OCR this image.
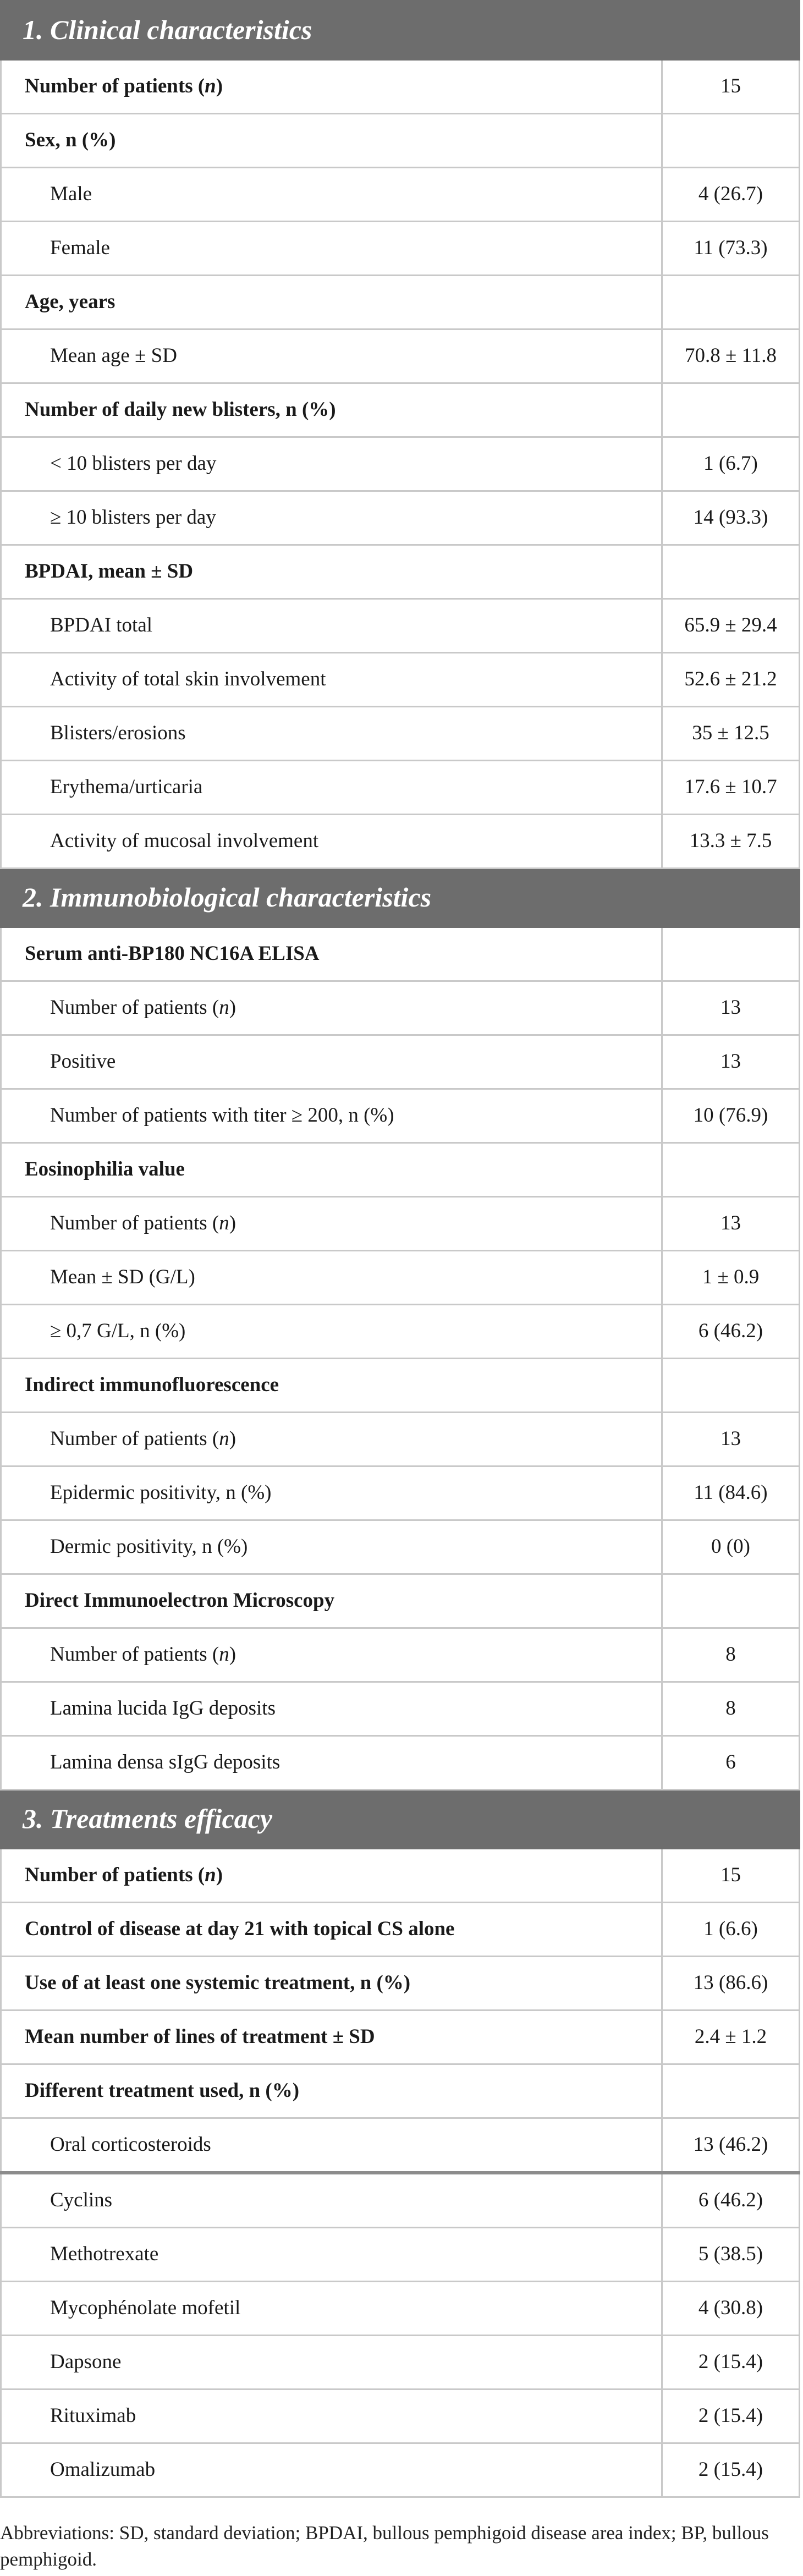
1. Clinical characteristics	
Number of patients (n)	15
Sex, n (%)	
Male	4 (26.7)
Female	11 (73.3)
Age, years	
Mean age ± SD	70.8 ± 11.8
Number of daily new blisters, n (%)	
< 10 blisters per day	1 (6.7)
≥ 10 blisters per day	14 (93.3)
BPDAI, mean ± SD	
BPDAI total	65.9 ± 29.4
Activity of total skin involvement	52.6 ± 21.2
Blisters/erosions	35 ± 12.5
Erythema/urticaria	17.6 ± 10.7
Activity of mucosal involvement	13.3 ± 7.5
2. Immunobiological characteristics	
Serum anti-BP180 NC16A ELISA	
Number of patients (n)	13
Positive	13
Number of patients with titer ≥ 200, n (%)	10 (76.9)
Eosinophilia value	
Number of patients (n)	13
Mean ± SD (G/L)	1 ± 0.9
≥ 0,7 G/L, n (%)	6 (46.2)
Indirect immunofluorescence	
Number of patients (n)	13
Epidermic positivity, n (%)	11 (84.6)
Dermic positivity, n (%)	0 (0)
Direct Immunoelectron Microscopy	
Number of patients (n)	8
Lamina lucida IgG deposits	8
Lamina densa sIgG deposits	6
3. Treatments efficacy	
Number of patients (n)	15
Control of disease at day 21 with topical CS alone	1 (6.6)
Use of at least one systemic treatment, n (%)	13 (86.6)
Mean number of lines of treatment ± SD	2.4 ± 1.2
Different treatment used, n (%)	
Oral corticosteroids	13 (46.2)
Cyclins	6 (46.2)
Methotrexate	5 (38.5)
Mycophénolate mofetil	4 (30.8)
Dapsone	2 (15.4)
Rituximab	2 (15.4)
Omalizumab	2 (15.4)
Abbreviations: SD, standard deviation; BPDAI, bullous pemphigoid disease area index; BP, bullous pemphigoid.
